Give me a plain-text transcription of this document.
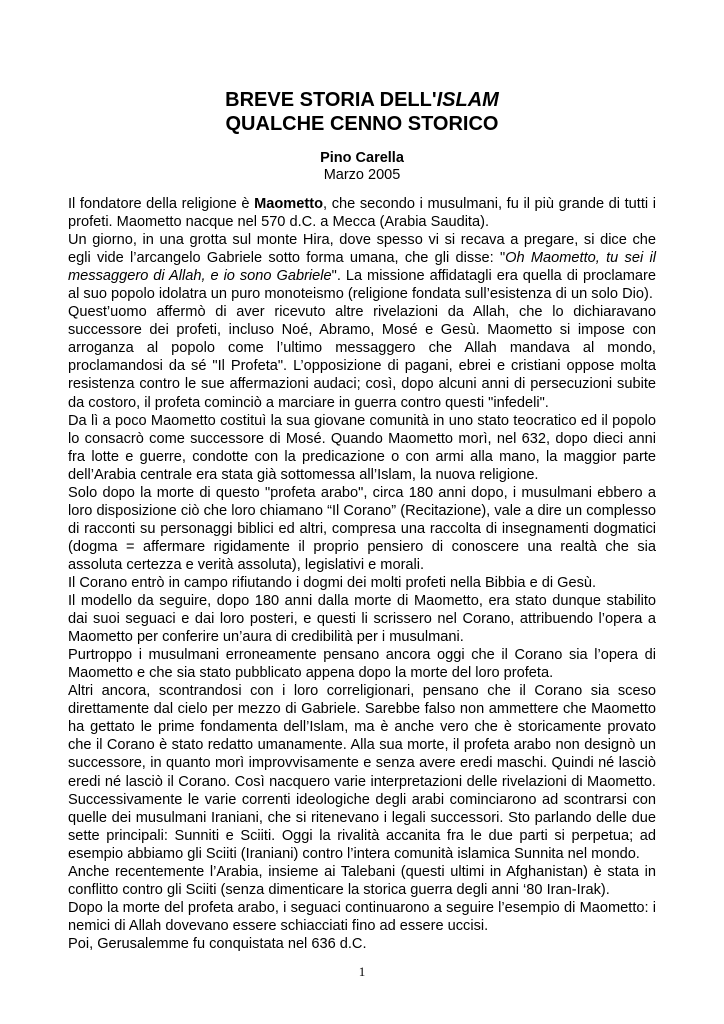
BREVE STORIA DELL'ISLAM
QUALCHE CENNO STORICO
Pino Carella
Marzo 2005

Il fondatore della religione è Maometto, che secondo i musulmani, fu il più grande di tutti i profeti. Maometto nacque nel 570 d.C. a Mecca (Arabia Saudita).

Un giorno, in una grotta sul monte Hira, dove spesso vi si recava a pregare, si dice che egli vide l’arcangelo Gabriele sotto forma umana, che gli disse: "Oh Maometto, tu sei il messaggero di Allah, e io sono Gabriele". La missione affidatagli era quella di proclamare al suo popolo idolatra un puro monoteismo (religione fondata sull’esistenza di un solo Dio).

Quest’uomo affermò di aver ricevuto altre rivelazioni da Allah, che lo dichiaravano successore dei profeti, incluso Noé, Abramo, Mosé e Gesù. Maometto si impose con arroganza al popolo come l’ultimo messaggero che Allah mandava al mondo, proclamandosi da sé "Il Profeta". L’opposizione di pagani, ebrei e cristiani oppose molta resistenza contro le sue affermazioni audaci; così, dopo alcuni anni di persecuzioni subite da costoro, il profeta cominciò a marciare in guerra contro questi "infedeli".

Da lì a poco Maometto costituì la sua giovane comunità in uno stato teocratico ed il popolo lo consacrò come successore di Mosé. Quando Maometto morì, nel 632, dopo dieci anni fra lotte e guerre, condotte con la predicazione o con armi alla mano, la maggior parte dell’Arabia centrale era stata già sottomessa all’Islam, la nuova religione.

Solo dopo la morte di questo "profeta arabo", circa 180 anni dopo, i musulmani ebbero a loro disposizione ciò che loro chiamano “Il Corano” (Recitazione), vale a dire un complesso di racconti su personaggi biblici ed altri, compresa una raccolta di insegnamenti dogmatici (dogma = affermare rigidamente il proprio pensiero di conoscere una realtà che sia assoluta certezza e verità assoluta), legislativi e morali.

Il Corano entrò in campo rifiutando i dogmi dei molti profeti nella Bibbia e di Gesù.

Il modello da seguire, dopo 180 anni dalla morte di Maometto, era stato dunque stabilito dai suoi seguaci e dai loro posteri, e questi li scrissero nel Corano, attribuendo l’opera a Maometto per conferire un’aura di credibilità per i musulmani.

Purtroppo i musulmani erroneamente pensano ancora oggi che il Corano sia l’opera di Maometto e che sia stato pubblicato appena dopo la morte del loro profeta.

Altri ancora, scontrandosi con i loro correligionari, pensano che il Corano sia sceso direttamente dal cielo per mezzo di Gabriele. Sarebbe falso non ammettere che Maometto ha gettato le prime fondamenta dell’Islam, ma è anche vero che è storicamente provato che il Corano è stato redatto umanamente. Alla sua morte, il profeta arabo non designò un successore, in quanto morì improvvisamente e senza avere eredi maschi. Quindi né lasciò eredi né lasciò il Corano. Così nacquero varie interpretazioni delle rivelazioni di Maometto. Successivamente le varie correnti ideologiche degli arabi cominciarono ad scontrarsi con quelle dei musulmani Iraniani, che si ritenevano i legali successori. Sto parlando delle due sette principali: Sunniti e Sciiti. Oggi la rivalità accanita fra le due parti si perpetua; ad esempio abbiamo gli Sciiti (Iraniani) contro l’intera comunità islamica Sunnita nel mondo.

Anche recentemente l’Arabia, insieme ai Talebani (questi ultimi in Afghanistan) è stata in conflitto contro gli Sciiti (senza dimenticare la storica guerra degli anni ‘80 Iran-Irak).

Dopo la morte del profeta arabo, i seguaci continuarono a seguire l’esempio di Maometto: i nemici di Allah dovevano essere schiacciati fino ad essere uccisi.

Poi, Gerusalemme fu conquistata nel 636 d.C.

1
